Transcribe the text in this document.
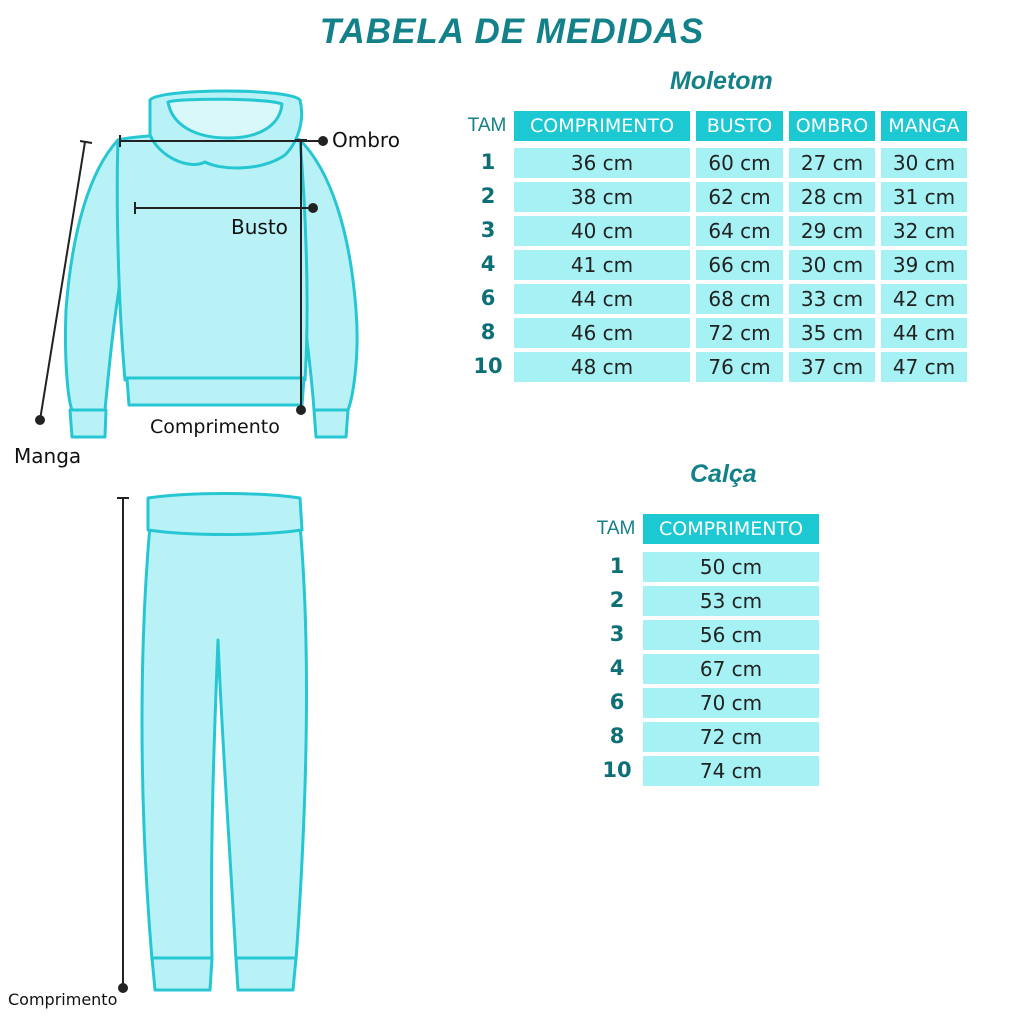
TABELA DE MEDIDAS
Ombro
Busto
Comprimento
Manga
Comprimento
Moletom
TAM	COMPRIMENTO	BUSTO	OMBRO	MANGA
1	36 cm	60 cm	27 cm	30 cm
2	38 cm	62 cm	28 cm	31 cm
3	40 cm	64 cm	29 cm	32 cm
4	41 cm	66 cm	30 cm	39 cm
6	44 cm	68 cm	33 cm	42 cm
8	46 cm	72 cm	35 cm	44 cm
10	48 cm	76 cm	37 cm	47 cm
Calça
TAM	COMPRIMENTO
1	50 cm
2	53 cm
3	56 cm
4	67 cm
6	70 cm
8	72 cm
10	74 cm
